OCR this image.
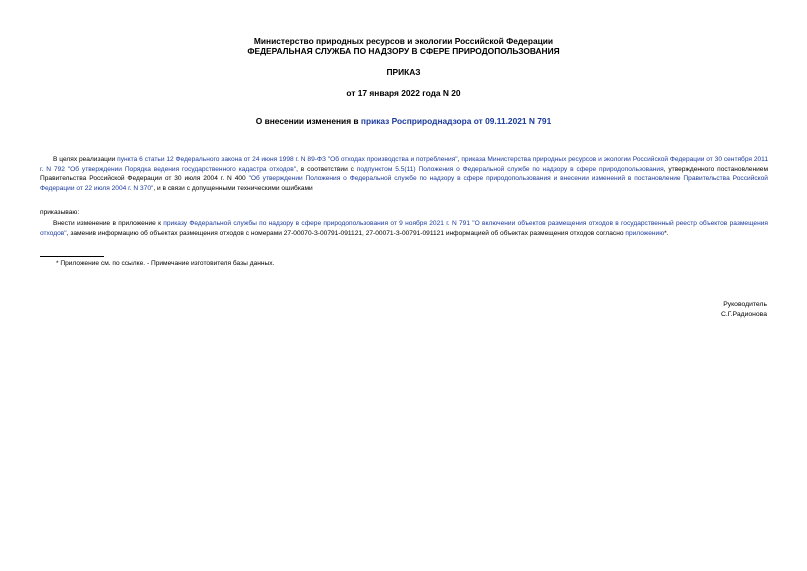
Министерство природных ресурсов и экологии Российской Федерации
ФЕДЕРАЛЬНАЯ СЛУЖБА ПО НАДЗОРУ В СФЕРЕ ПРИРОДОПОЛЬЗОВАНИЯ
ПРИКАЗ
от 17 января 2022 года N 20
О внесении изменения в приказ Росприроднадзора от 09.11.2021 N 791
В целях реализации пункта 6 статьи 12 Федерального закона от 24 июня 1998 г. N 89-ФЗ "Об отходах производства и потребления", приказа Министерства природных ресурсов и экологии Российской Федерации от 30 сентября 2011 г. N 792 "Об утверждении Порядка ведения государственного кадастра отходов", в соответствии с подпунктом 5.5(11) Положения о Федеральной службе по надзору в сфере природопользования, утвержденного постановлением Правительства Российской Федерации от 30 июля 2004 г. N 400 "Об утверждении Положения о Федеральной службе по надзору в сфере природопользования и внесении изменений в постановление Правительства Российской Федерации от 22 июля 2004 г. N 370", и в связи с допущенными техническими ошибками
приказываю:
Внести изменение в приложение к приказу Федеральной службы по надзору в сфере природопользования от 9 ноября 2021 г. N 791 "О включении объектов размещения отходов в государственный реестр объектов размещения отходов", заменив информацию об объектах размещения отходов с номерами 27-00070-З-00791-091121, 27-00071-З-00791-091121 информацией об объектах размещения отходов согласно приложению*.
* Приложение см. по ссылке. - Примечание изготовителя базы данных.
Руководитель
С.Г.Радионова
